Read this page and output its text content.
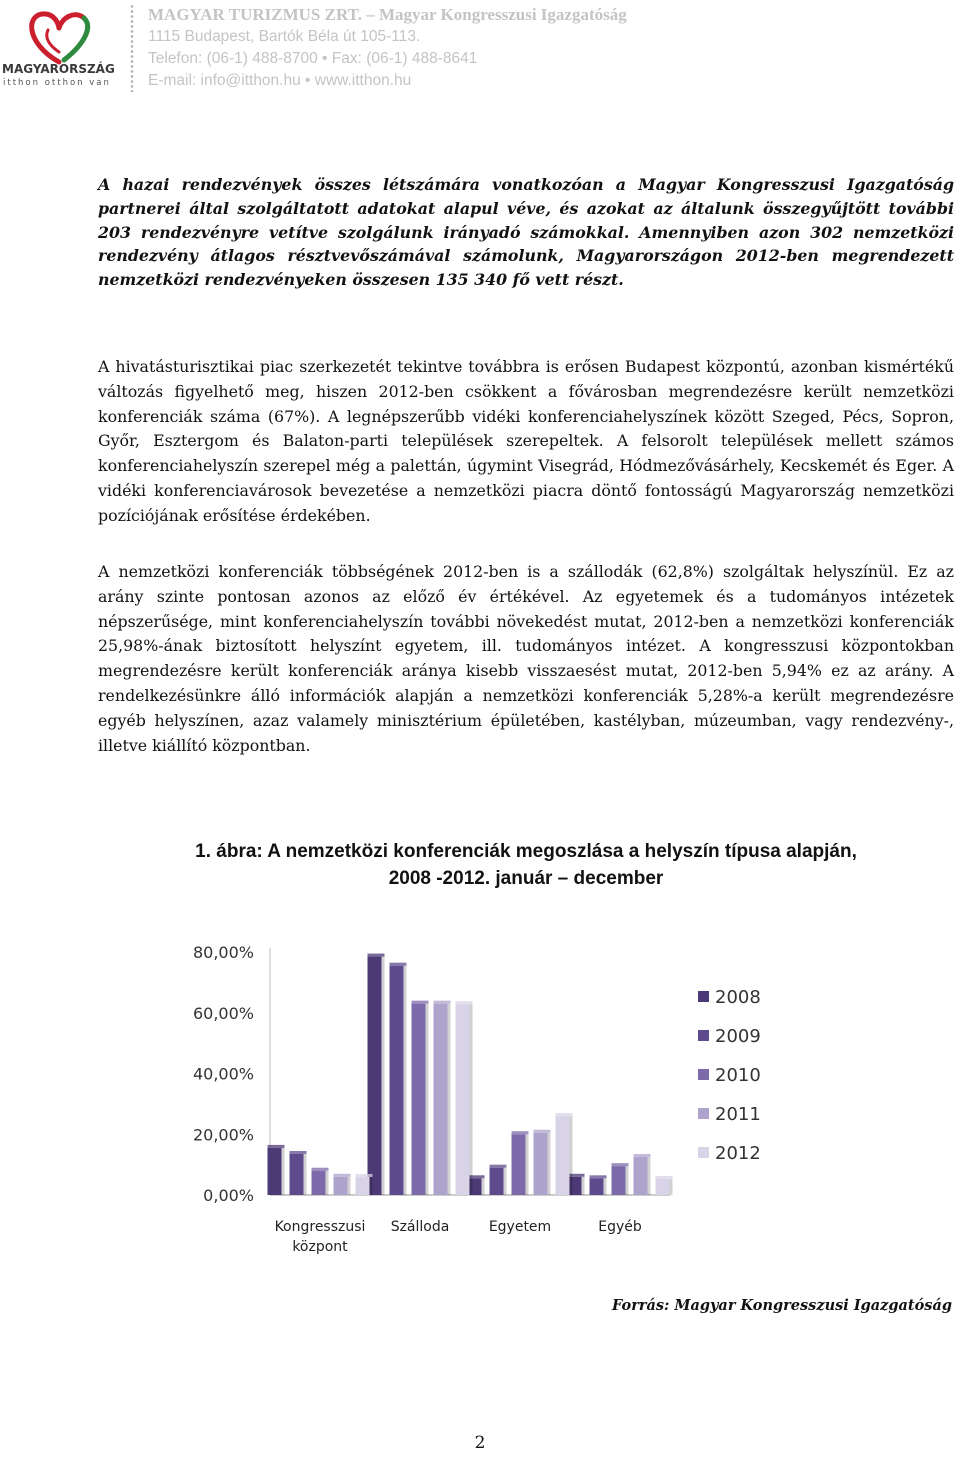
MAGYARORSZÁG
itthon otthon van
MAGYAR TURIZMUS ZRT. – Magyar Kongresszusi Igazgatóság
1115 Budapest, Bartók Béla út 105-113.
Telefon: (06-1) 488-8700 • Fax: (06-1) 488-8641
E-mail: info@itthon.hu • www.itthon.hu

A hazai rendezvények összes létszámára vonatkozóan a Magyar Kongresszusi Igazgatóság partnerei által szolgáltatott adatokat alapul véve, és azokat az általunk összegyűjtött további 203 rendezvényre vetítve szolgálunk irányadó számokkal. Amennyiben azon 302 nemzetközi rendezvény átlagos résztvevőszámával számolunk, Magyarországon 2012-ben megrendezett nemzetközi rendezvényeken összesen 135 340 fő vett részt.

A hivatásturisztikai piac szerkezetét tekintve továbbra is erősen Budapest központú, azonban kismértékű változás figyelhető meg, hiszen 2012-ben csökkent a fővárosban megrendezésre került nemzetközi konferenciák száma (67%). A legnépszerűbb vidéki konferenciahelyszínek között Szeged, Pécs, Sopron, Győr, Esztergom és Balaton-parti települések szerepeltek. A felsorolt települések mellett számos konferenciahelyszín szerepel még a palettán, úgymint Visegrád, Hódmezővásárhely, Kecskemét és Eger. A vidéki konferenciavárosok bevezetése a nemzetközi piacra döntő fontosságú Magyarország nemzetközi pozíciójának erősítése érdekében.

A nemzetközi konferenciák többségének 2012-ben is a szállodák (62,8%) szolgáltak helyszínül. Ez az arány szinte pontosan azonos az előző év értékével. Az egyetemek és a tudományos intézetek népszerűsége, mint konferenciahelyszín további növekedést mutat, 2012-ben a nemzetközi konferenciák 25,98%-ának biztosított helyszínt egyetem, ill. tudományos intézet. A kongresszusi központokban megrendezésre került konferenciák aránya kisebb visszaesést mutat, 2012-ben 5,94% ez az arány. A rendelkezésünkre álló információk alapján a nemzetközi konferenciák 5,28%-a került megrendezésre egyéb helyszínen, azaz valamely minisztérium épületében, kastélyban, múzeumban, vagy rendezvény-, illetve kiállító központban.

1. ábra: A nemzetközi konferenciák megoszlása a helyszín típusa alapján,
2008 -2012. január – december
0,00%
20,00%
40,00%
60,00%
80,00%
Kongresszusi
központ
Szálloda	Egyetem	Egyéb
2008
2009
2010
2011
2012
Forrás: Magyar Kongresszusi Igazgatóság
2
